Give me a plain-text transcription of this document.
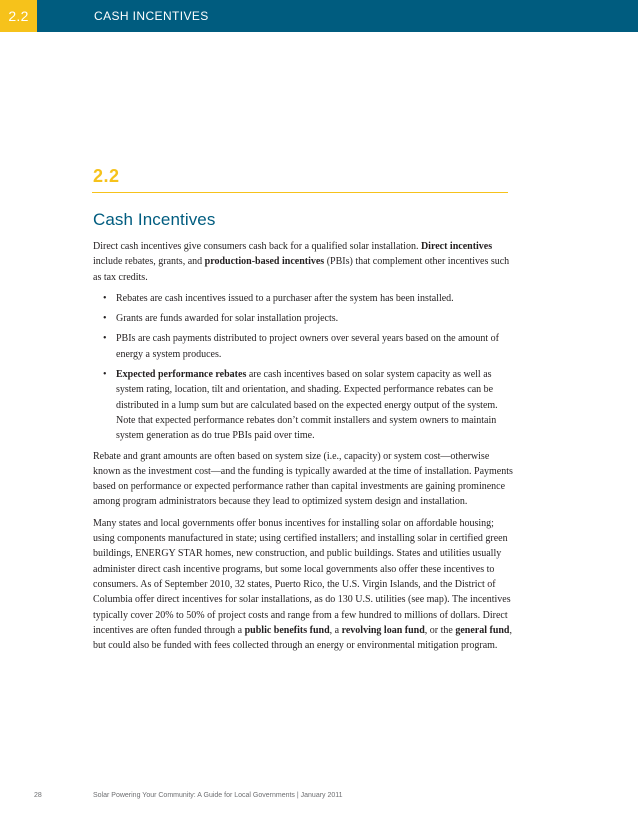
2.2	CASH INCENTIVES
2.2
Cash Incentives

Direct cash incentives give consumers cash back for a qualified solar installation. Direct incentives include rebates, grants, and production-based incentives (PBIs) that complement other incentives such as tax credits.

• Rebates are cash incentives issued to a purchaser after the system has been installed.
• Grants are funds awarded for solar installation projects.
• PBIs are cash payments distributed to project owners over several years based on the amount of energy a system produces.
• Expected performance rebates are cash incentives based on solar system capacity as well as system rating, location, tilt and orientation, and shading. Expected performance rebates can be distributed in a lump sum but are calculated based on the expected energy output of the system. Note that expected performance rebates don’t commit installers and system owners to maintain system generation as do true PBIs paid over time.

Rebate and grant amounts are often based on system size (i.e., capacity) or system cost—otherwise known as the investment cost—and the funding is typically awarded at the time of installation. Payments based on performance or expected performance rather than capital investments are gaining prominence among program administrators because they lead to optimized system design and installation.

Many states and local governments offer bonus incentives for installing solar on affordable housing; using components manufactured in state; using certified installers; and installing solar in certified green buildings, ENERGY STAR homes, new construction, and public buildings. States and utilities usually administer direct cash incentive programs, but some local governments also offer these incentives to consumers. As of September 2010, 32 states, Puerto Rico, the U.S. Virgin Islands, and the District of Columbia offer direct incentives for solar installations, as do 130 U.S. utilities (see map). The incentives typically cover 20% to 50% of project costs and range from a few hundred to millions of dollars. Direct incentives are often funded through a public benefits fund, a revolving loan fund, or the general fund, but could also be funded with fees collected through an energy or environmental mitigation program.

28	Solar Powering Your Community: A Guide for Local Governments | January 2011
